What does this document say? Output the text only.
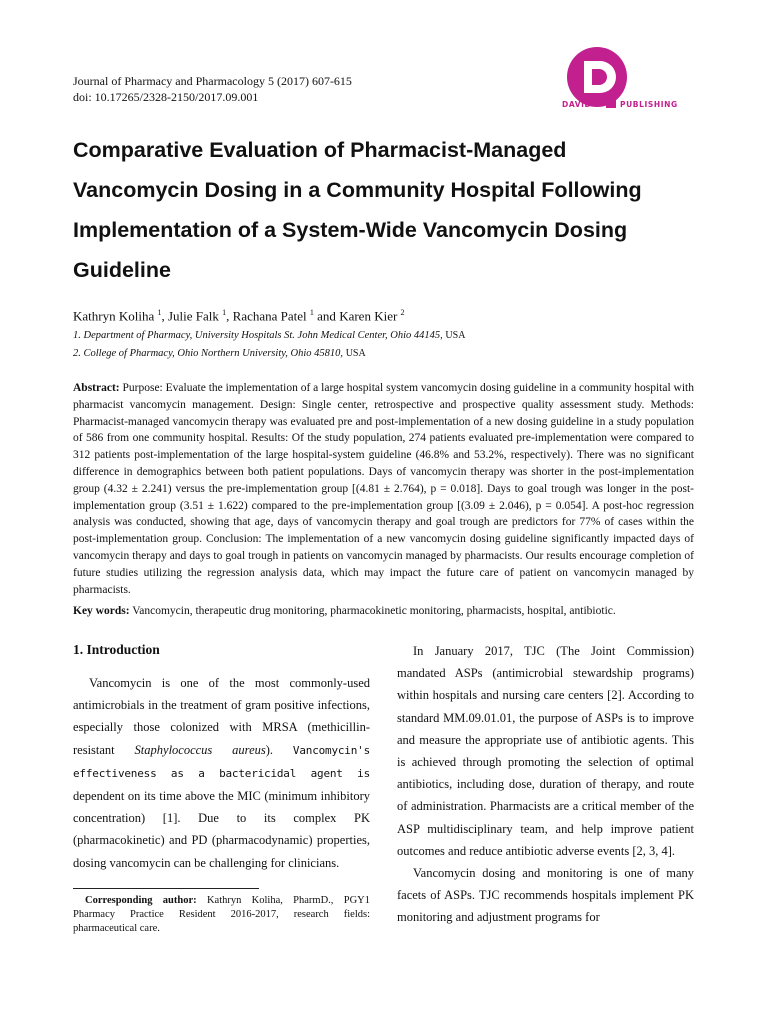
Journal of Pharmacy and Pharmacology 5 (2017) 607-615
doi: 10.17265/2328-2150/2017.09.001
DAVID	PUBLISHING
Comparative Evaluation of Pharmacist-Managed
Vancomycin Dosing in a Community Hospital Following
Implementation of a System-Wide Vancomycin Dosing
Guideline
Kathryn Koliha $^1$, Julie Falk $^1$, Rachana Patel $^1$ and Karen Kier $^2$
1. Department of Pharmacy, University Hospitals St. John Medical Center, Ohio 44145, USA
2. College of Pharmacy, Ohio Northern University, Ohio 45810, USA

Abstract: Purpose: Evaluate the implementation of a large hospital system vancomycin dosing guideline in a community hospital with pharmacist vancomycin management. Design: Single center, retrospective and prospective quality assessment study. Methods: Pharmacist-managed vancomycin therapy was evaluated pre and post-implementation of a new dosing guideline in a study population of 586 from one community hospital. Results: Of the study population, 274 patients evaluated pre-implementation were compared to 312 patients post-implementation of the large hospital-system guideline (46.8% and 53.2%, respectively). There was no significant difference in demographics between both patient populations. Days of vancomycin therapy was shorter in the post-implementation group (4.32 ± 2.241) versus the pre-implementation group [(4.81 ± 2.764), p = 0.018]. Days to goal trough was longer in the post-implementation group (3.51 ± 1.622) compared to the pre-implementation group [(3.09 ± 2.046), p = 0.054]. A post-hoc regression analysis was conducted, showing that age, days of vancomycin therapy and goal trough are predictors for 77% of cases within the post-implementation group. Conclusion: The implementation of a new vancomycin dosing guideline significantly impacted days of vancomycin therapy and days to goal trough in patients on vancomycin managed by pharmacists. Our results encourage completion of future studies utilizing the regression analysis data, which may impact the future care of patient on vancomycin managed by pharmacists.

Key words: Vancomycin, therapeutic drug monitoring, pharmacokinetic monitoring, pharmacists, hospital, antibiotic.
1. Introduction

Vancomycin is one of the most commonly-used antimicrobials in the treatment of gram positive infections, especially those colonized with MRSA (methicillin-resistant Staphylococcus aureus). Vancomycin's effectiveness as a bactericidal agent is dependent on its time above the MIC (minimum inhibitory concentration) [1]. Due to its complex PK (pharmacokinetic) and PD (pharmacodynamic) properties, dosing vancomycin can be challenging for clinicians.

In January 2017, TJC (The Joint Commission) mandated ASPs (antimicrobial stewardship programs) within hospitals and nursing care centers [2]. According to standard MM.09.01.01, the purpose of ASPs is to improve and measure the appropriate use of antibiotic agents. This is achieved through promoting the selection of optimal antibiotics, including dose, duration of therapy, and route of administration. Pharmacists are a critical member of the ASP multidisciplinary team, and help improve patient outcomes and reduce antibiotic adverse events [2, 3, 4].

Vancomycin dosing and monitoring is one of many facets of ASPs. TJC recommends hospitals implement PK monitoring and adjustment programs for

Corresponding author: Kathryn Koliha, PharmD., PGY1 Pharmacy Practice Resident 2016-2017, research fields: pharmaceutical care.
